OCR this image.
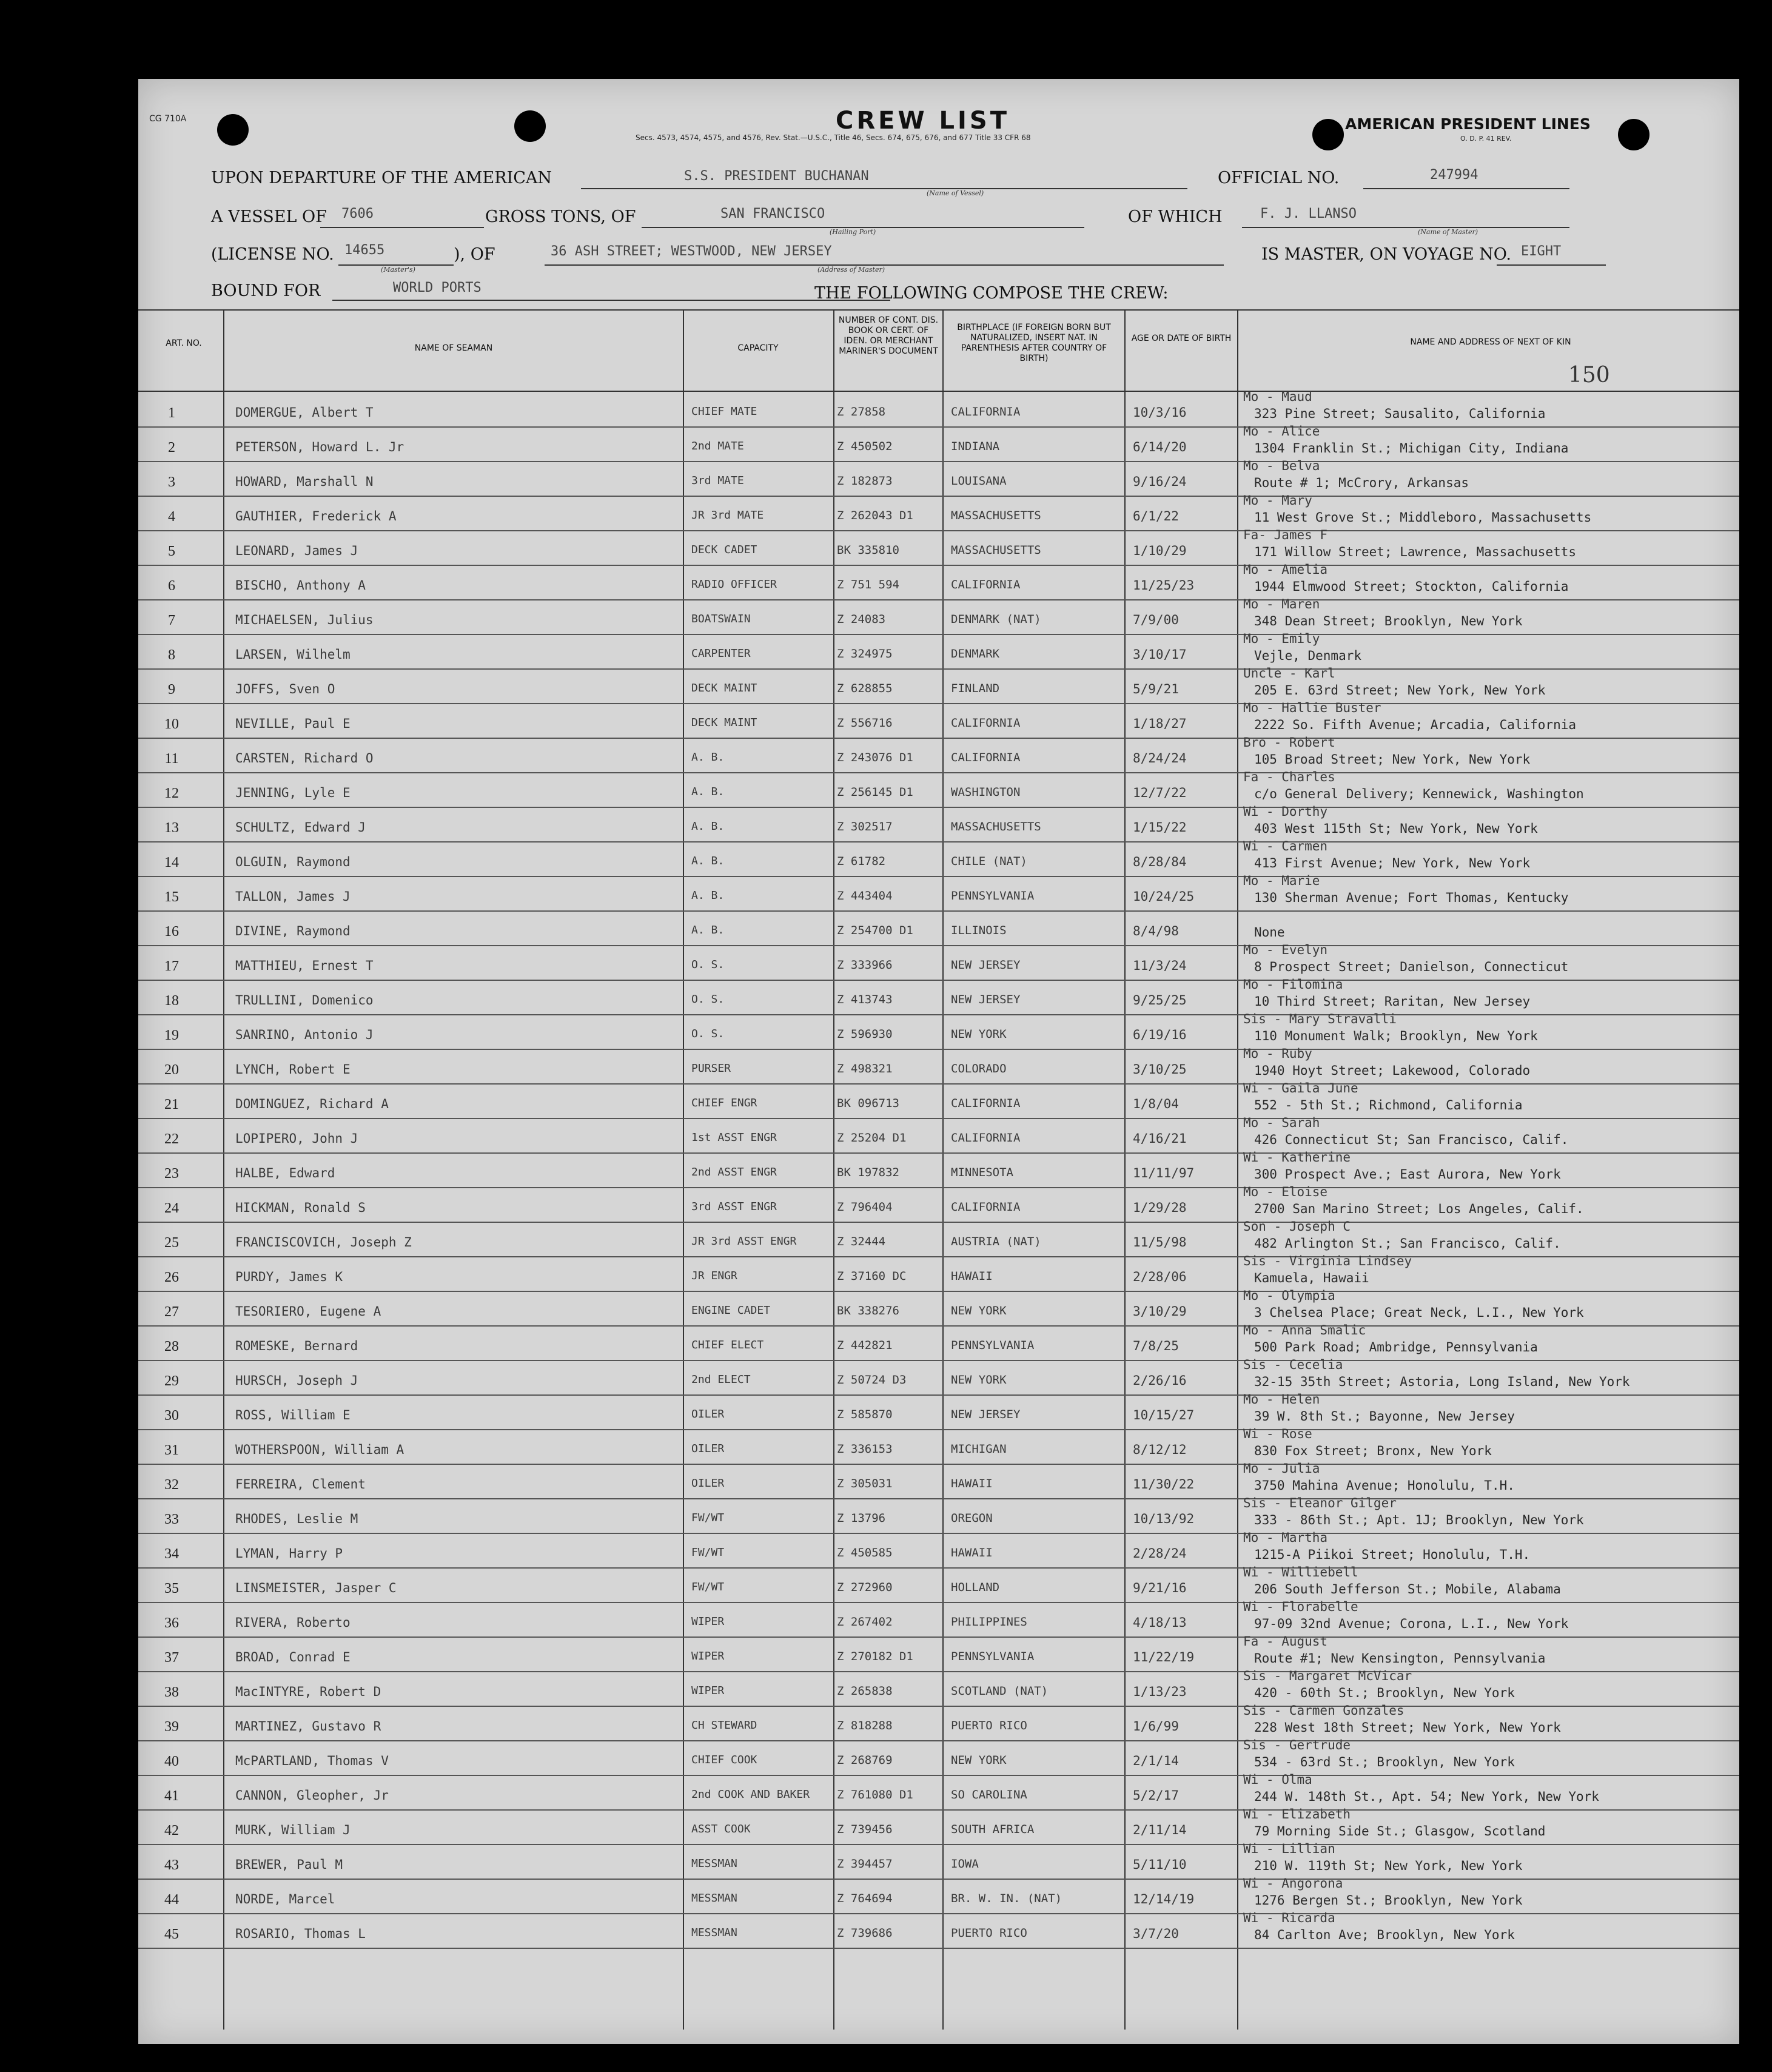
CG 710A	CREW LIST
Secs. 4573, 4574, 4575, and 4576, Rev. Stat.—U.S.C., Title 46, Secs. 674, 675, 676, and 677 Title 33 CFR 68
AMERICAN PRESIDENT LINES
O. D. P. 41 REV.
UPON DEPARTURE OF THE AMERICAN	S.S. PRESIDENT BUCHANAN
(Name of Vessel)
OFFICIAL NO.	247994
A VESSEL OF 7606	GROSS TONS, OF	SAN FRANCISCO
(Hailing Port)
OF WHICH	F. J. LLANSO
(Name of Master)
(LICENSE NO. 14655
(Master's)
), OF	36 ASH STREET; WESTWOOD, NEW JERSEY
(Address of Master)
IS MASTER, ON VOYAGE NO. EIGHT
BOUND FOR	WORLD PORTS	THE FOLLOWING COMPOSE THE CREW:
150
ART. NO.	NAME OF SEAMAN	CAPACITY
NUMBER OF CONT. DIS. BOOK OR CERT. OF IDEN. OR MERCHANT MARINER'S DOCUMENT
BIRTHPLACE (IF FOREIGN BORN BUT NATURALIZED, INSERT NAT. IN PARENTHESIS AFTER COUNTRY OF BIRTH)
AGE OR DATE OF BIRTH	NAME AND ADDRESS OF NEXT OF KIN
1	DOMERGUE, Albert T	CHIEF MATE	Z 27858	CALIFORNIA	10/3/16
Mo - Maud
323 Pine Street; Sausalito, California
2	PETERSON, Howard L. Jr	2nd MATE	Z 450502	INDIANA	6/14/20
Mo - Alice
1304 Franklin St.; Michigan City, Indiana
3	HOWARD, Marshall N	3rd MATE	Z 182873	LOUISANA	9/16/24
Mo - Belva
Route # 1; McCrory, Arkansas
4	GAUTHIER, Frederick A	JR 3rd MATE	Z 262043 D1	MASSACHUSETTS	6/1/22
Mo - Mary
11 West Grove St.; Middleboro, Massachusetts
5	LEONARD, James J	DECK CADET	BK 335810	MASSACHUSETTS	1/10/29
Fa- James F
171 Willow Street; Lawrence, Massachusetts
6	BISCHO, Anthony A	RADIO OFFICER	Z 751 594	CALIFORNIA	11/25/23
Mo - Amelia
1944 Elmwood Street; Stockton, California
7	MICHAELSEN, Julius	BOATSWAIN	Z 24083	DENMARK (NAT)	7/9/00
Mo - Maren
348 Dean Street; Brooklyn, New York
8	LARSEN, Wilhelm	CARPENTER	Z 324975	DENMARK	3/10/17
Mo - Emily
Vejle, Denmark
9	JOFFS, Sven O	DECK MAINT	Z 628855	FINLAND	5/9/21
Uncle - Karl
205 E. 63rd Street; New York, New York
10	NEVILLE, Paul E	DECK MAINT	Z 556716	CALIFORNIA	1/18/27
Mo - Hallie Buster
2222 So. Fifth Avenue; Arcadia, California
11	CARSTEN, Richard O	A. B.	Z 243076 D1	CALIFORNIA	8/24/24
Bro - Robert
105 Broad Street; New York, New York
12	JENNING, Lyle E	A. B.	Z 256145 D1	WASHINGTON	12/7/22
Fa - Charles
c/o General Delivery; Kennewick, Washington
13	SCHULTZ, Edward J	A. B.	Z 302517	MASSACHUSETTS	1/15/22
Wi - Dorthy
403 West 115th St; New York, New York
14	OLGUIN, Raymond	A. B.	Z 61782	CHILE (NAT)	8/28/84
Wi - Carmen
413 First Avenue; New York, New York
15	TALLON, James J	A. B.	Z 443404	PENNSYLVANIA	10/24/25
Mo - Marie
130 Sherman Avenue; Fort Thomas, Kentucky
16	DIVINE, Raymond	A. B.	Z 254700 D1	ILLINOIS	8/4/98	None
17	MATTHIEU, Ernest T	O. S.	Z 333966	NEW JERSEY	11/3/24
Mo - Evelyn
8 Prospect Street; Danielson, Connecticut
18	TRULLINI, Domenico	O. S.	Z 413743	NEW JERSEY	9/25/25
Mo - Filomina
10 Third Street; Raritan, New Jersey
19	SANRINO, Antonio J	O. S.	Z 596930	NEW YORK	6/19/16
Sis - Mary Stravalli
110 Monument Walk; Brooklyn, New York
20	LYNCH, Robert E	PURSER	Z 498321	COLORADO	3/10/25
Mo - Ruby
1940 Hoyt Street; Lakewood, Colorado
21	DOMINGUEZ, Richard A	CHIEF ENGR	BK 096713	CALIFORNIA	1/8/04
Wi - Gaila June
552 - 5th St.; Richmond, California
22	LOPIPERO, John J	1st ASST ENGR	Z 25204 D1	CALIFORNIA	4/16/21
Mo - Sarah
426 Connecticut St; San Francisco, Calif.
23	HALBE, Edward	2nd ASST ENGR	BK 197832	MINNESOTA	11/11/97
Wi - Katherine
300 Prospect Ave.; East Aurora, New York
24	HICKMAN, Ronald S	3rd ASST ENGR	Z 796404	CALIFORNIA	1/29/28
Mo - Eloise
2700 San Marino Street; Los Angeles, Calif.
25	FRANCISCOVICH, Joseph Z	JR 3rd ASST ENGR	Z 32444	AUSTRIA (NAT)	11/5/98
Son - Joseph C
482 Arlington St.; San Francisco, Calif.
26	PURDY, James K	JR ENGR	Z 37160 DC	HAWAII	2/28/06
Sis - Virginia Lindsey
Kamuela, Hawaii
27	TESORIERO, Eugene A	ENGINE CADET	BK 338276	NEW YORK	3/10/29
Mo - Olympia
3 Chelsea Place; Great Neck, L.I., New York
28	ROMESKE, Bernard	CHIEF ELECT	Z 442821	PENNSYLVANIA	7/8/25
Mo - Anna Smalic
500 Park Road; Ambridge, Pennsylvania
29	HURSCH, Joseph J	2nd ELECT	Z 50724 D3	NEW YORK	2/26/16
Sis - Cecelia
32-15 35th Street; Astoria, Long Island, New York
30	ROSS, William E	OILER	Z 585870	NEW JERSEY	10/15/27
Mo - Helen
39 W. 8th St.; Bayonne, New Jersey
31	WOTHERSPOON, William A	OILER	Z 336153	MICHIGAN	8/12/12
Wi - Rose
830 Fox Street; Bronx, New York
32	FERREIRA, Clement	OILER	Z 305031	HAWAII	11/30/22
Mo - Julia
3750 Mahina Avenue; Honolulu, T.H.
33	RHODES, Leslie M	FW/WT	Z 13796	OREGON	10/13/92
Sis - Eleanor Gilger
333 - 86th St.; Apt. 1J; Brooklyn, New York
34	LYMAN, Harry P	FW/WT	Z 450585	HAWAII	2/28/24
Mo - Martha
1215-A Piikoi Street; Honolulu, T.H.
35	LINSMEISTER, Jasper C	FW/WT	Z 272960	HOLLAND	9/21/16
Wi - Williebell
206 South Jefferson St.; Mobile, Alabama
36	RIVERA, Roberto	WIPER	Z 267402	PHILIPPINES	4/18/13
Wi - Florabelle
97-09 32nd Avenue; Corona, L.I., New York
37	BROAD, Conrad E	WIPER	Z 270182 D1	PENNSYLVANIA	11/22/19
Fa - August
Route #1; New Kensington, Pennsylvania
38	MacINTYRE, Robert D	WIPER	Z 265838	SCOTLAND (NAT)	1/13/23
Sis - Margaret McVicar
420 - 60th St.; Brooklyn, New York
39	MARTINEZ, Gustavo R	CH STEWARD	Z 818288	PUERTO RICO	1/6/99
Sis - Carmen Gonzales
228 West 18th Street; New York, New York
40	McPARTLAND, Thomas V	CHIEF COOK	Z 268769	NEW YORK	2/1/14
Sis - Gertrude
534 - 63rd St.; Brooklyn, New York
41	CANNON, Gleopher, Jr	2nd COOK AND BAKER	Z 761080 D1	SO CAROLINA	5/2/17
Wi - Olma
244 W. 148th St., Apt. 54; New York, New York
42	MURK, William J	ASST COOK	Z 739456	SOUTH AFRICA	2/11/14
Wi - Elizabeth
79 Morning Side St.; Glasgow, Scotland
43	BREWER, Paul M	MESSMAN	Z 394457	IOWA	5/11/10
Wi - Lillian
210 W. 119th St; New York, New York
44	NORDE, Marcel	MESSMAN	Z 764694	BR. W. IN. (NAT)	12/14/19
Wi - Angorona
1276 Bergen St.; Brooklyn, New York
45	ROSARIO, Thomas L	MESSMAN	Z 739686	PUERTO RICO	3/7/20
Wi - Ricarda
84 Carlton Ave; Brooklyn, New York
